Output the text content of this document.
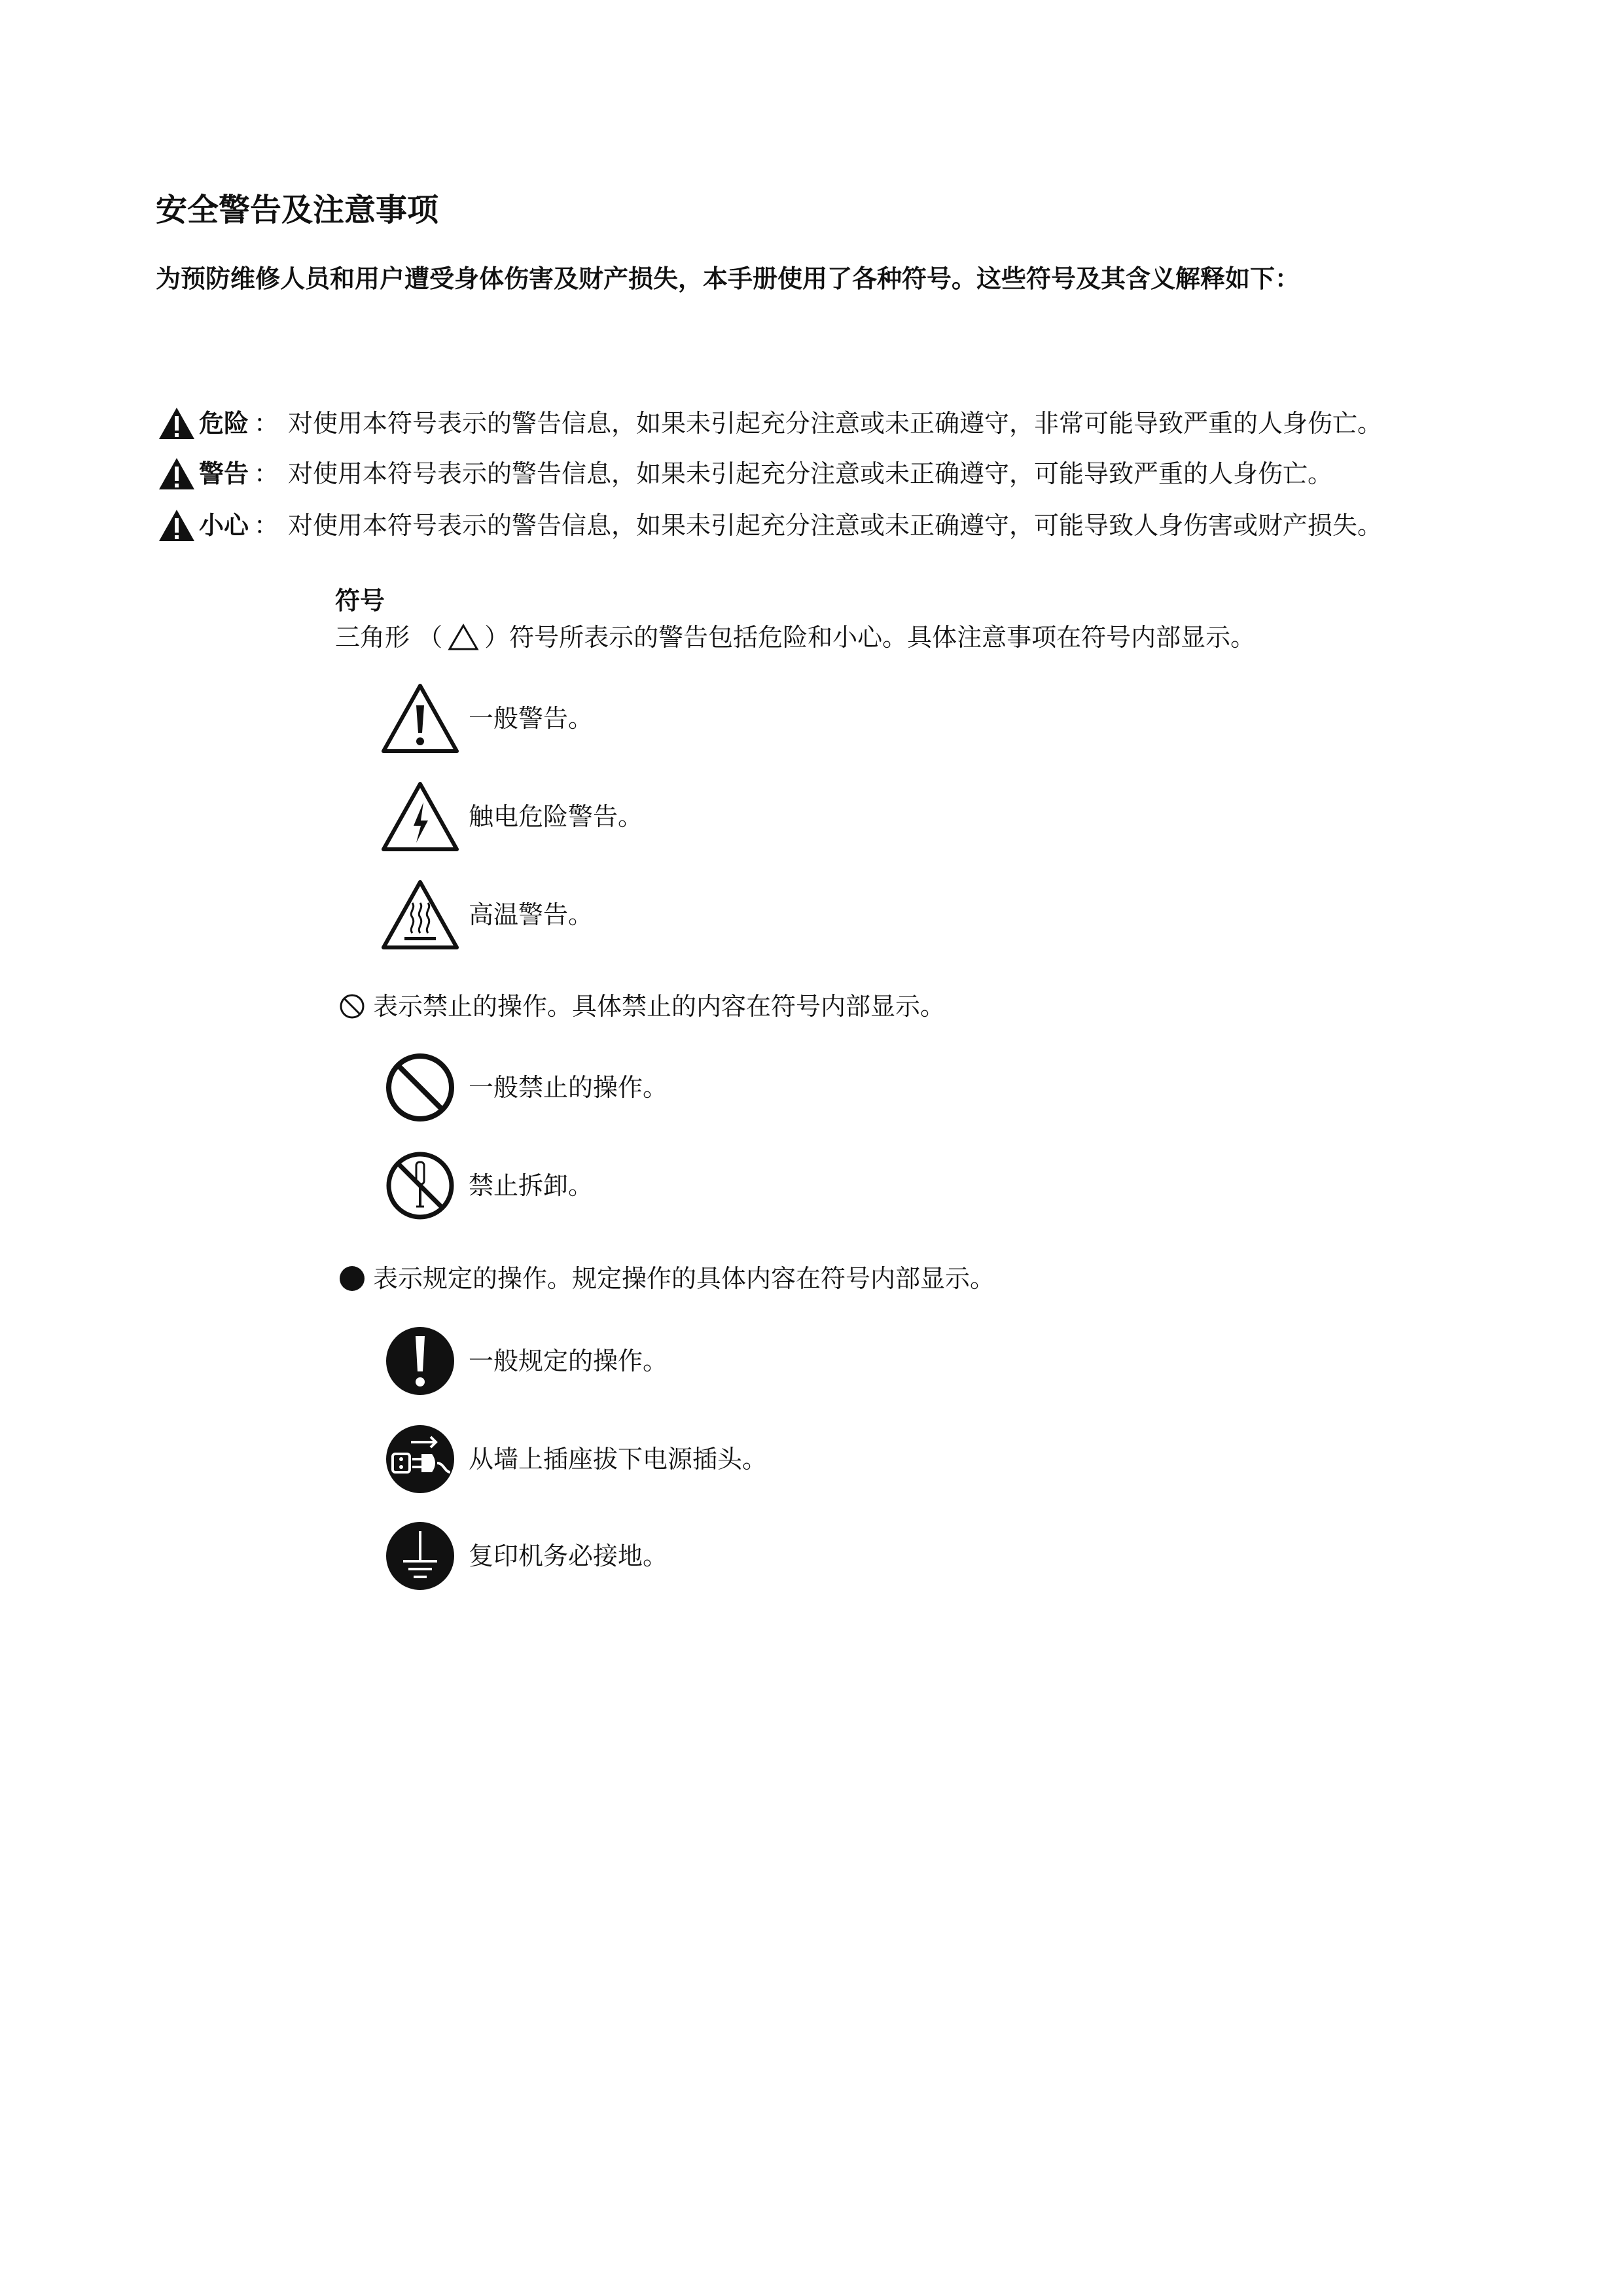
安全警告及注意事项
为预防维修人员和用户遭受身体伤害及财产损失，本手册使用了各种符号。这些符号及其含义解释如下：
危险 ： 对使用本符号表示的警告信息，如果未引起充分注意或未正确遵守，非常可能导致严重的人身伤亡。
警告 ： 对使用本符号表示的警告信息，如果未引起充分注意或未正确遵守，可能导致严重的人身伤亡。
小心 ： 对使用本符号表示的警告信息，如果未引起充分注意或未正确遵守，可能导致人身伤害或财产损失。
符号
三角形 （ ）符号所表示的警告包括危险和小心。具体注意事项在符号内部显示。
一般警告。
触电危险警告。
高温警告。
表示禁止的操作。具体禁止的内容在符号内部显示。
一般禁止的操作。
禁止拆卸。
表示规定的操作。规定操作的具体内容在符号内部显示。
一般规定的操作。
从墙上插座拔下电源插头。
复印机务必接地。
